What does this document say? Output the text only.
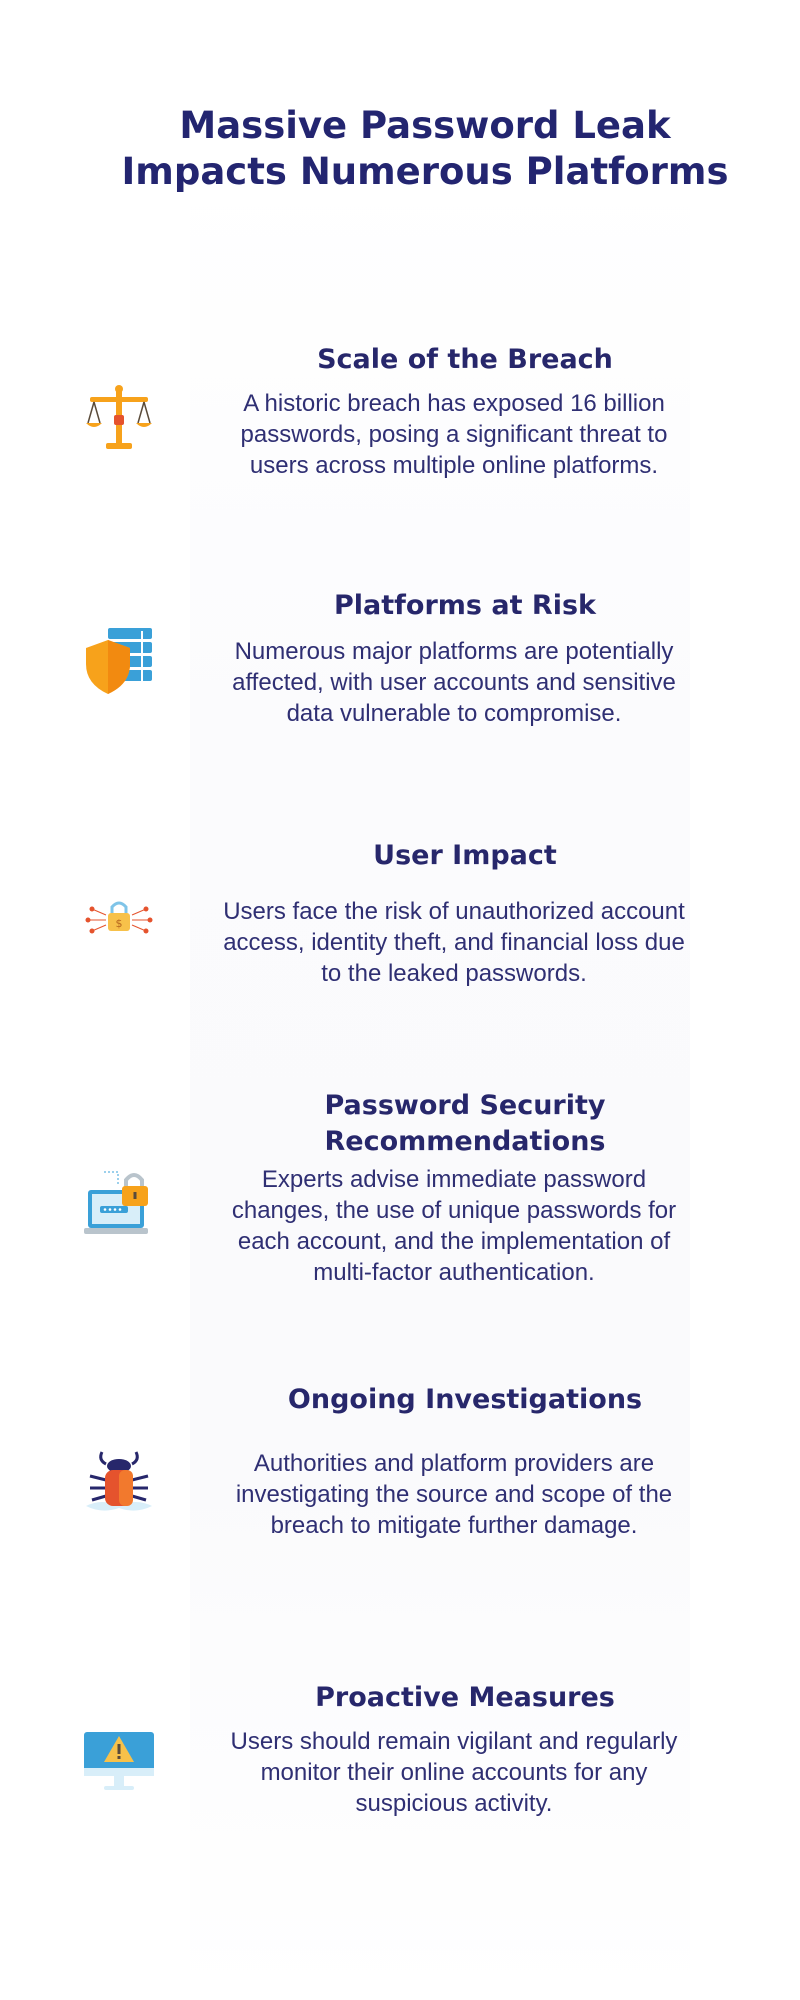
Massive Password Leak
Impacts Numerous Platforms
Scale of the Breach

A historic breach has exposed 16 billion passwords, posing a significant threat to users across multiple online platforms.

Platforms at Risk

Numerous major platforms are potentially affected, with user accounts and sensitive data vulnerable to compromise.

$
User Impact

Users face the risk of unauthorized account access, identity theft, and financial loss due to the leaked passwords.

Password Security
Recommendations

Experts advise immediate password changes, the use of unique passwords for each account, and the implementation of multi-factor authentication.

Ongoing Investigations

Authorities and platform providers are investigating the source and scope of the breach to mitigate further damage.

Proactive Measures

Users should remain vigilant and regularly monitor their online accounts for any suspicious activity.
